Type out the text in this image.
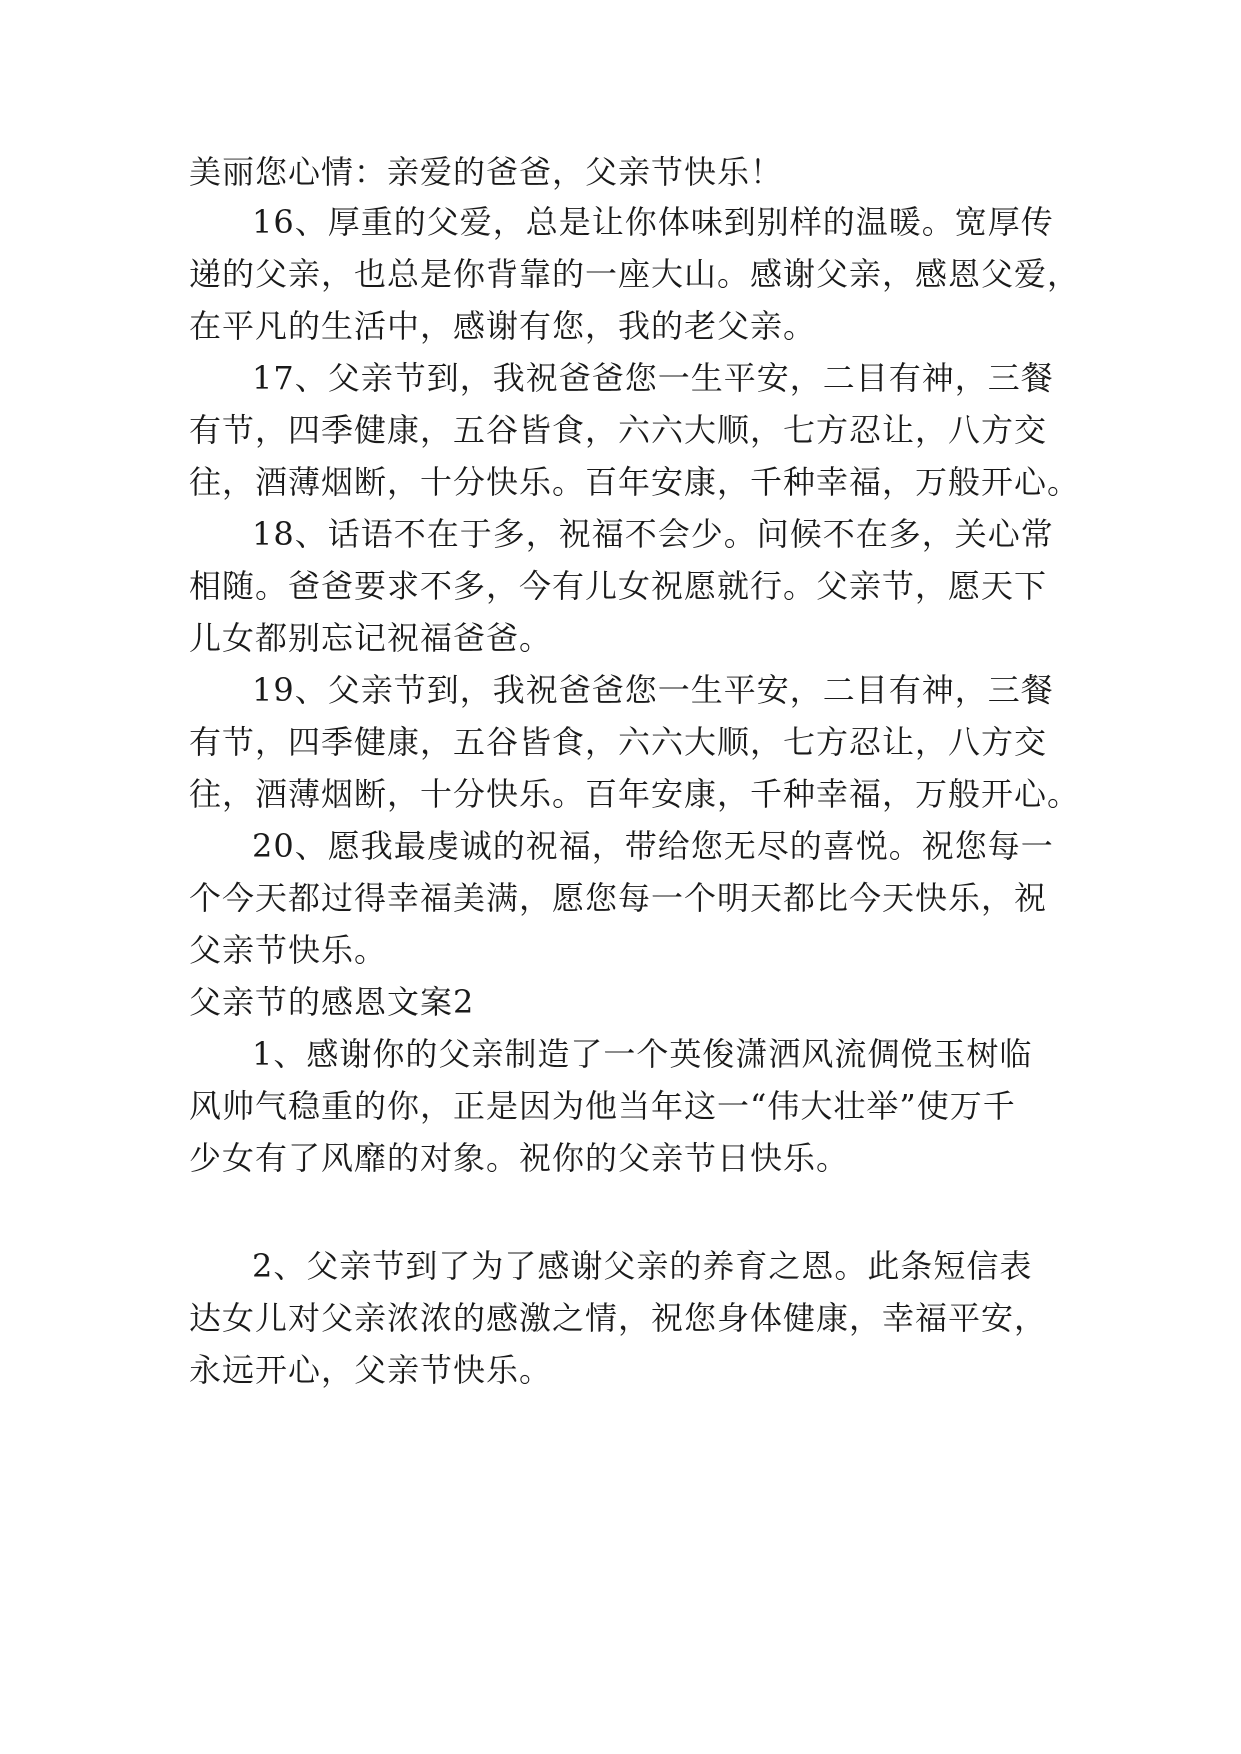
美丽您心情：亲爱的爸爸，父亲节快乐！
16、厚重的父爱，总是让你体味到别样的温暖。宽厚传
递的父亲，也总是你背靠的一座大山。感谢父亲，感恩父爱，
在平凡的生活中，感谢有您，我的老父亲。
17、父亲节到，我祝爸爸您一生平安，二目有神，三餐
有节，四季健康，五谷皆食，六六大顺，七方忍让，八方交
往，酒薄烟断，十分快乐。百年安康，千种幸福，万般开心。
18、话语不在于多，祝福不会少。问候不在多，关心常
相随。爸爸要求不多，今有儿女祝愿就行。父亲节，愿天下
儿女都别忘记祝福爸爸。
19、父亲节到，我祝爸爸您一生平安，二目有神，三餐
有节，四季健康，五谷皆食，六六大顺，七方忍让，八方交
往，酒薄烟断，十分快乐。百年安康，千种幸福，万般开心。
20、愿我最虔诚的祝福，带给您无尽的喜悦。祝您每一
个今天都过得幸福美满，愿您每一个明天都比今天快乐，祝
父亲节快乐。
父亲节的感恩文案2
1、感谢你的父亲制造了一个英俊潇洒风流倜傥玉树临
风帅气稳重的你，正是因为他当年这一“伟大壮举”使万千
少女有了风靡的对象。祝你的父亲节日快乐。
2、父亲节到了为了感谢父亲的养育之恩。此条短信表
达女儿对父亲浓浓的感激之情，祝您身体健康，幸福平安，
永远开心，父亲节快乐。
